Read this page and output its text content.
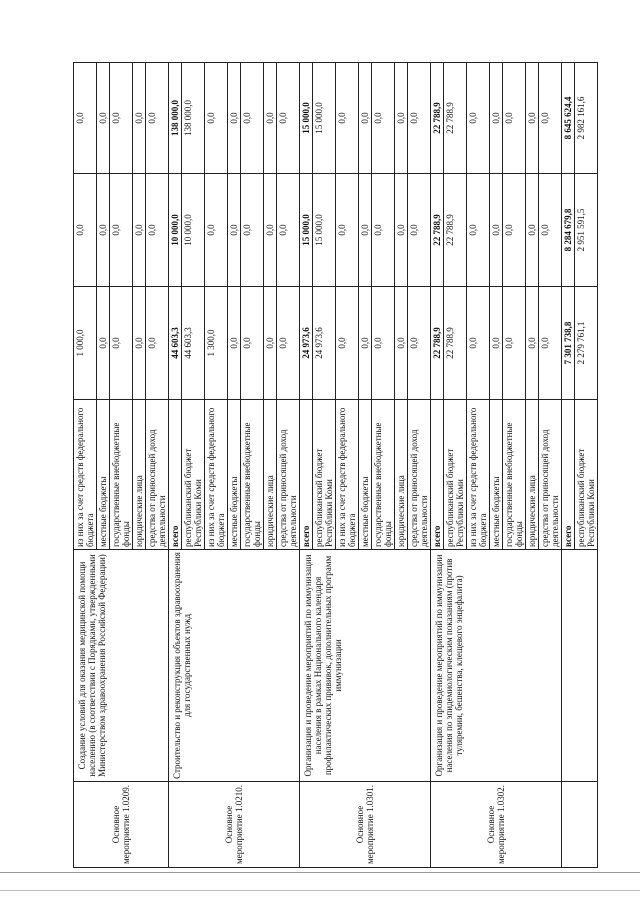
Основное мероприятие 1.0209.	Создание условий для оказания медицинской помощи населению (в соответствии с Порядками, утвержденными Министерством здравоохранения Российской Федерации)	из них за счет средств федерального бюджета	1 000,0	0,0	0,0
		местные бюджеты	0,0	0,0	0,0
		государственные внебюджетные фонды	0,0	0,0	0,0
		юридические лица	0,0	0,0	0,0
		средства от приносящей доход деятельности	0,0	0,0	0,0
Основное мероприятие 1.0210.	Строительство и реконструкция объектов здравоохранения для государственных нужд	всего	44 603,3	10 000,0	138 000,0
		республиканский бюджет Республики Коми	44 603,3	10 000,0	138 000,0
		из них за счет средств федерального бюджета	1 300,0	0,0	0,0
		местные бюджеты	0,0	0,0	0,0
		государственные внебюджетные фонды	0,0	0,0	0,0
		юридические лица	0,0	0,0	0,0
		средства от приносящей доход деятельности	0,0	0,0	0,0
Основное мероприятие 1.0301.	Организация и проведение мероприятий по иммунизации населения в рамках Национального календаря профилактических прививок, дополнительных программ иммунизации	всего	24 973,6	15 000,0	15 000,0
		республиканский бюджет Республики Коми	24 973,6	15 000,0	15 000,0
		из них за счет средств федерального бюджета	0,0	0,0	0,0
		местные бюджеты	0,0	0,0	0,0
		государственные внебюджетные фонды	0,0	0,0	0,0
		юридические лица	0,0	0,0	0,0
		средства от приносящей доход деятельности	0,0	0,0	0,0
Основное мероприятие 1.0302.	Организация и проведение мероприятий по иммунизации населения по эпидемиологическим показаниям (против туляремии, бешенства, клещевого энцефалита)	всего	22 788,9	22 788,9	22 788,9
		республиканский бюджет Республики Коми	22 788,9	22 788,9	22 788,9
		из них за счет средств федерального бюджета	0,0	0,0	0,0
		местные бюджеты	0,0	0,0	0,0
		государственные внебюджетные фонды	0,0	0,0	0,0
		юридические лица	0,0	0,0	0,0
		средства от приносящей доход деятельности	0,0	0,0	0,0
		всего	7 301 738,8	8 284 679,8	8 645 624,4
		республиканский бюджет Республики Коми	2 279 761,1	2 951 591,5	2 982 161,6
